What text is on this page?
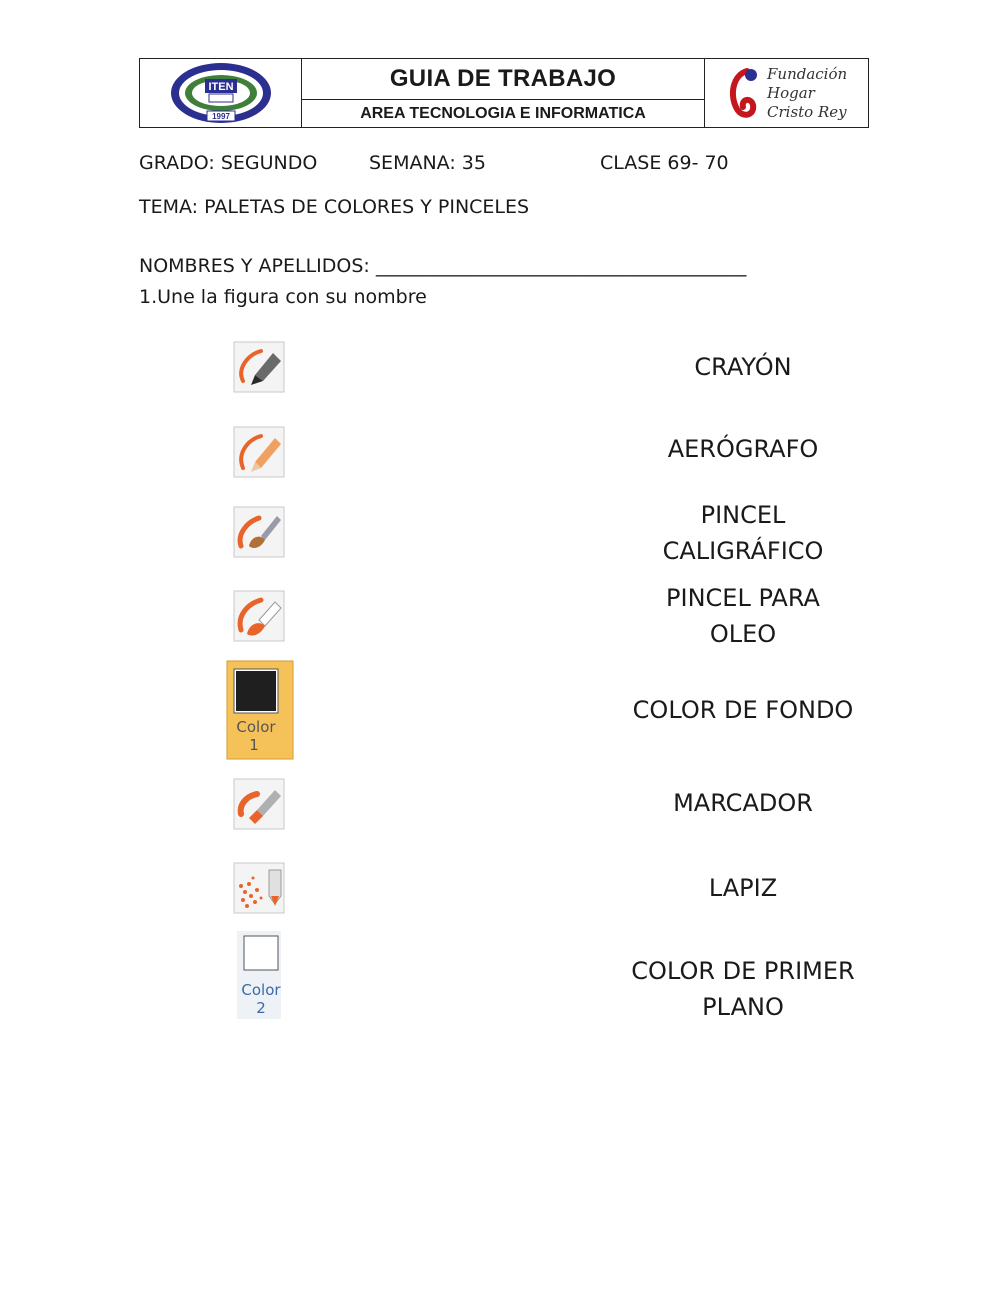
ITEN
1997
GUIA DE TRABAJO
AREA TECNOLOGIA E INFORMATICA
Fundación
Hogar
Cristo Rey
GRADO: SEGUNDO	SEMANA: 35	CLASE 69- 70
TEMA: PALETAS DE COLORES Y PINCELES
NOMBRES Y APELLIDOS: _______________________________________
1.Une la figura con su nombre
Color
1
Color
2
CRAYÓN
AERÓGRAFO
PINCEL
CALIGRÁFICO
PINCEL PARA
OLEO
COLOR DE FONDO
MARCADOR
LAPIZ
COLOR DE PRIMER
PLANO
